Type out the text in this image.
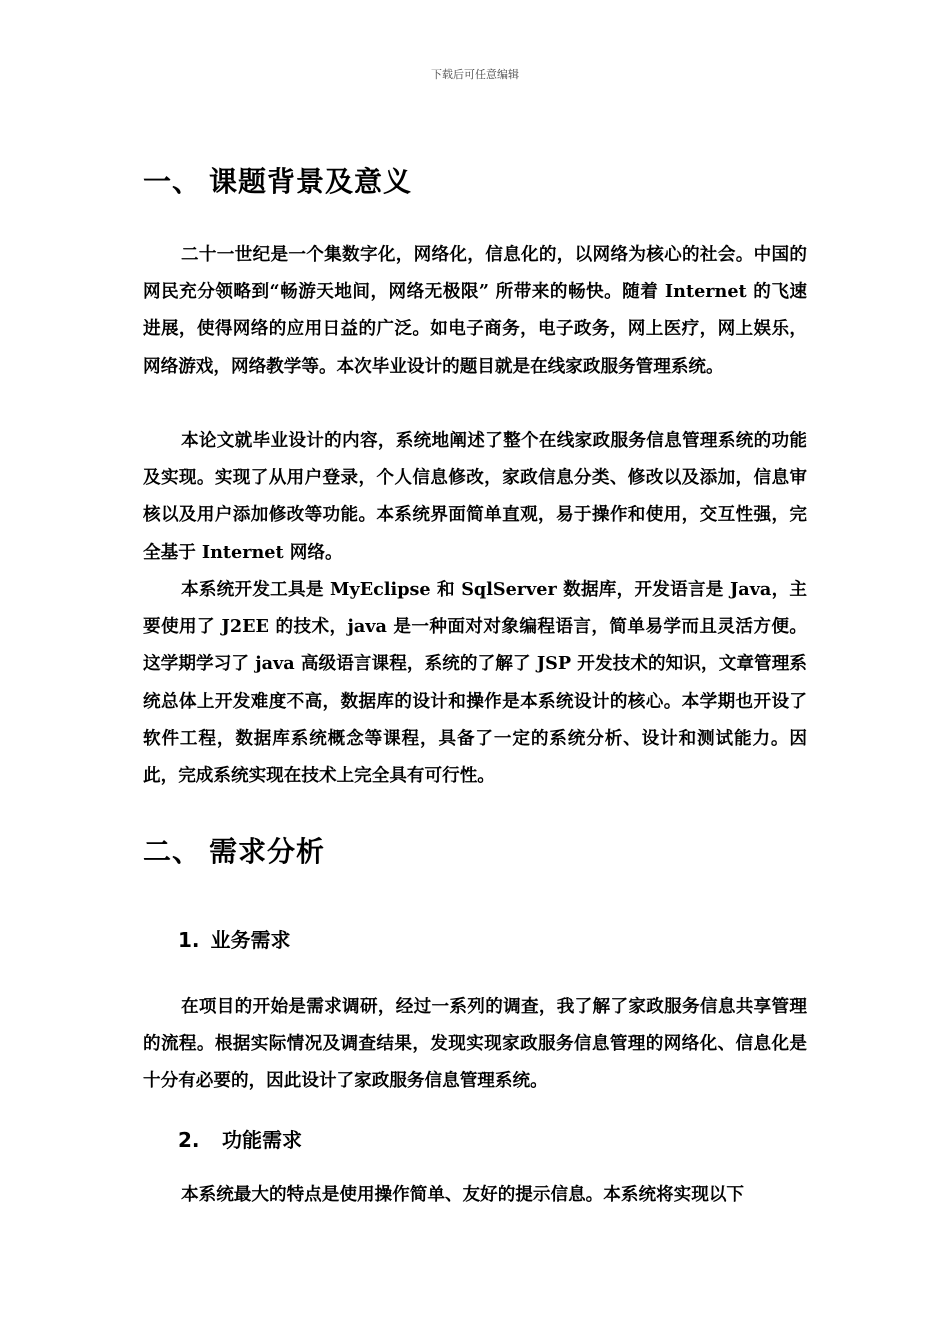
下载后可任意编辑
一、 课题背景及意义

二十一世纪是一个集数字化，网络化，信息化的，以网络为核心的社会。中国的网民充分领略到“畅游天地间，网络无极限” 所带来的畅快。随着 Internet 的飞速进展，使得网络的应用日益的广泛。如电子商务，电子政务，网上医疗，网上娱乐，网络游戏，网络教学等。本次毕业设计的题目就是在线家政服务管理系统。

本论文就毕业设计的内容，系统地阐述了整个在线家政服务信息管理系统的功能及实现。实现了从用户登录，个人信息修改，家政信息分类、修改以及添加，信息审核以及用户添加修改等功能。本系统界面简单直观，易于操作和使用，交互性强，完全基于 Internet 网络。

本系统开发工具是 MyEclipse 和 SqlServer 数据库，开发语言是 Java，主要使用了 J2EE 的技术，java 是一种面对对象编程语言，简单易学而且灵活方便。这学期学习了 java 高级语言课程，系统的了解了 JSP 开发技术的知识，文章管理系统总体上开发难度不高，数据库的设计和操作是本系统设计的核心。本学期也开设了软件工程，数据库系统概念等课程，具备了一定的系统分析、设计和测试能力。因此，完成系统实现在技术上完全具有可行性。

二、 需求分析
1. 业务需求

在项目的开始是需求调研，经过一系列的调查，我了解了家政服务信息共享管理的流程。根据实际情况及调查结果，发现实现家政服务信息管理的网络化、信息化是十分有必要的，因此设计了家政服务信息管理系统。

2. 功能需求

本系统最大的特点是使用操作简单、友好的提示信息。本系统将实现以下
